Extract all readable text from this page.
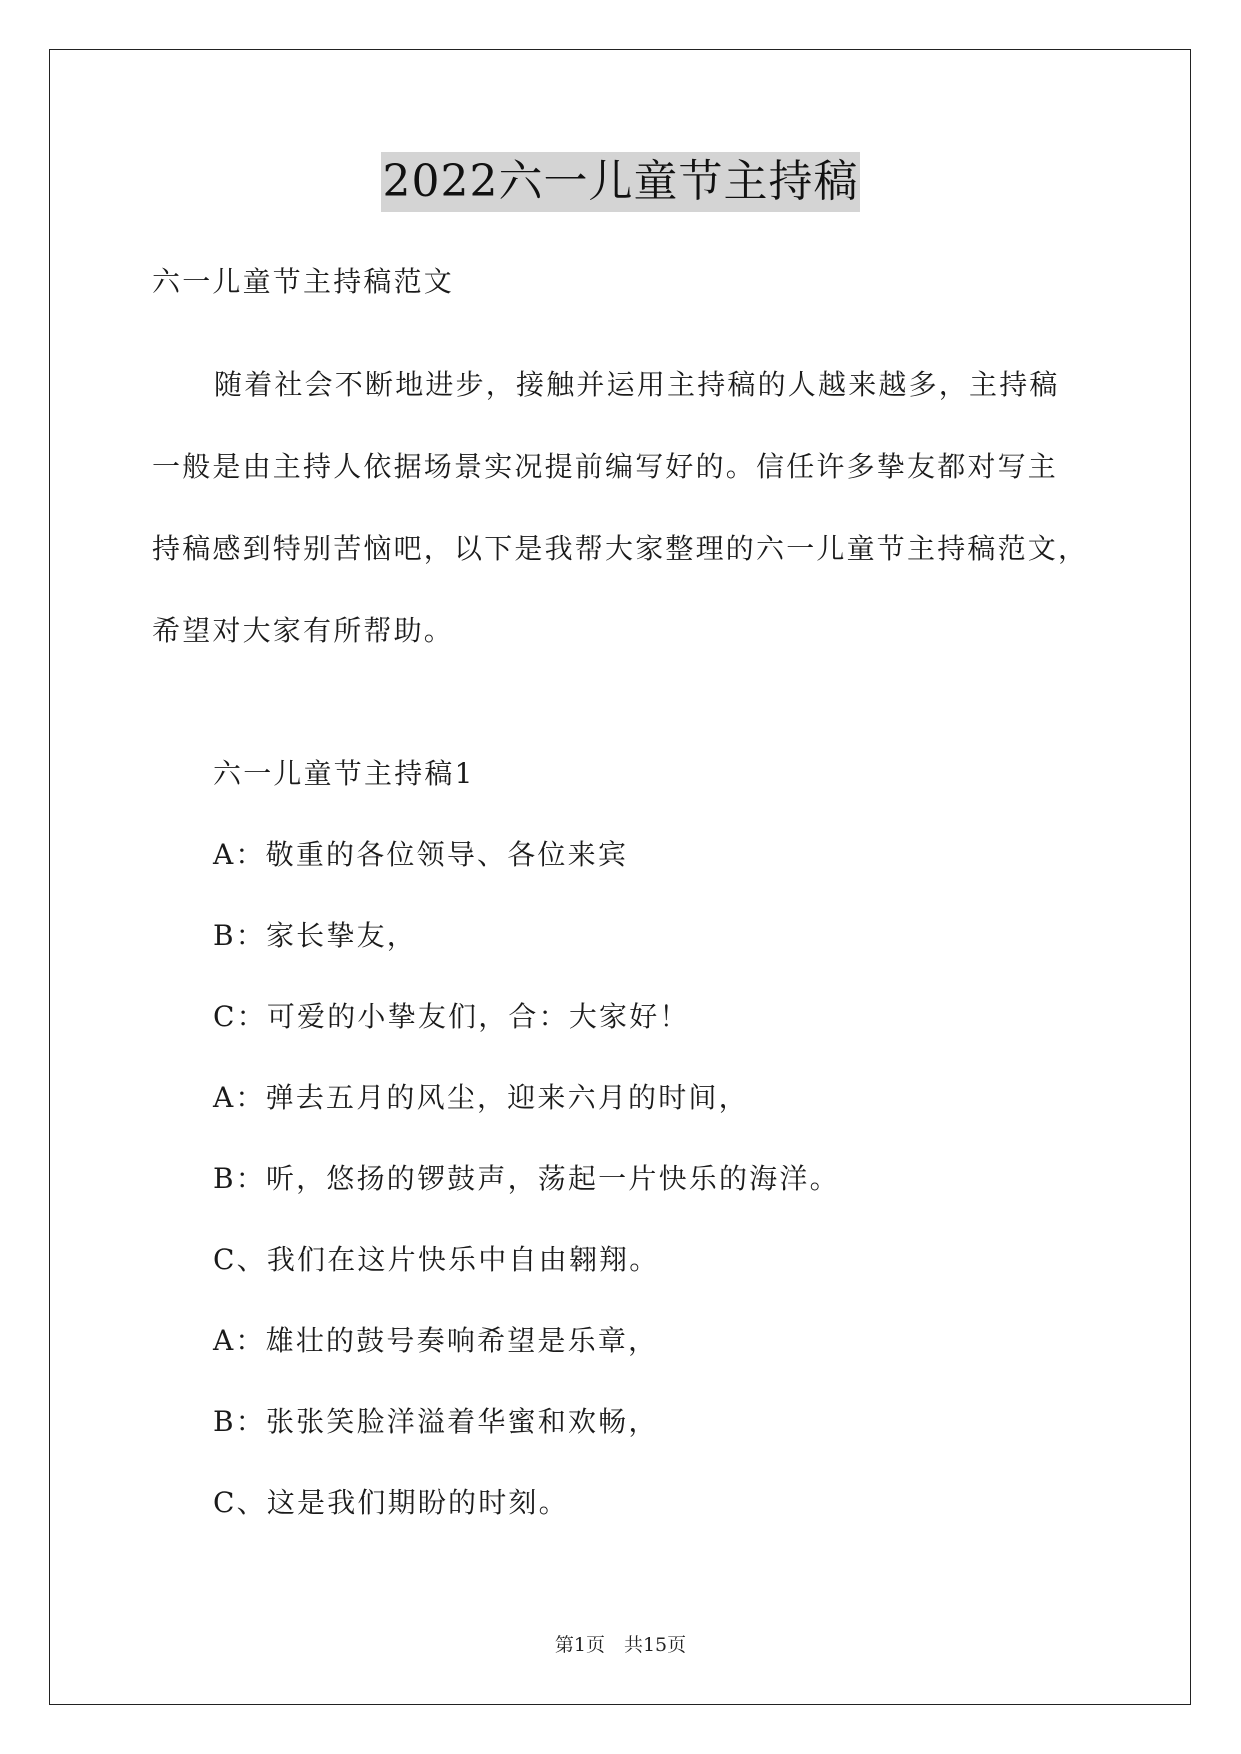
2022六一儿童节主持稿
六一儿童节主持稿范文

随着社会不断地进步，接触并运用主持稿的人越来越多，主持稿
一般是由主持人依据场景实况提前编写好的。信任许多挚友都对写主
持稿感到特别苦恼吧，以下是我帮大家整理的六一儿童节主持稿范文，
希望对大家有所帮助。

六一儿童节主持稿1
A：敬重的各位领导、各位来宾
B：家长挚友，
C：可爱的小挚友们，合：大家好！
A：弹去五月的风尘，迎来六月的时间，
B：听，悠扬的锣鼓声，荡起一片快乐的海洋。
C、我们在这片快乐中自由翱翔。
A：雄壮的鼓号奏响希望是乐章，
B：张张笑脸洋溢着华蜜和欢畅，
C、这是我们期盼的时刻。
第1页　共15页
